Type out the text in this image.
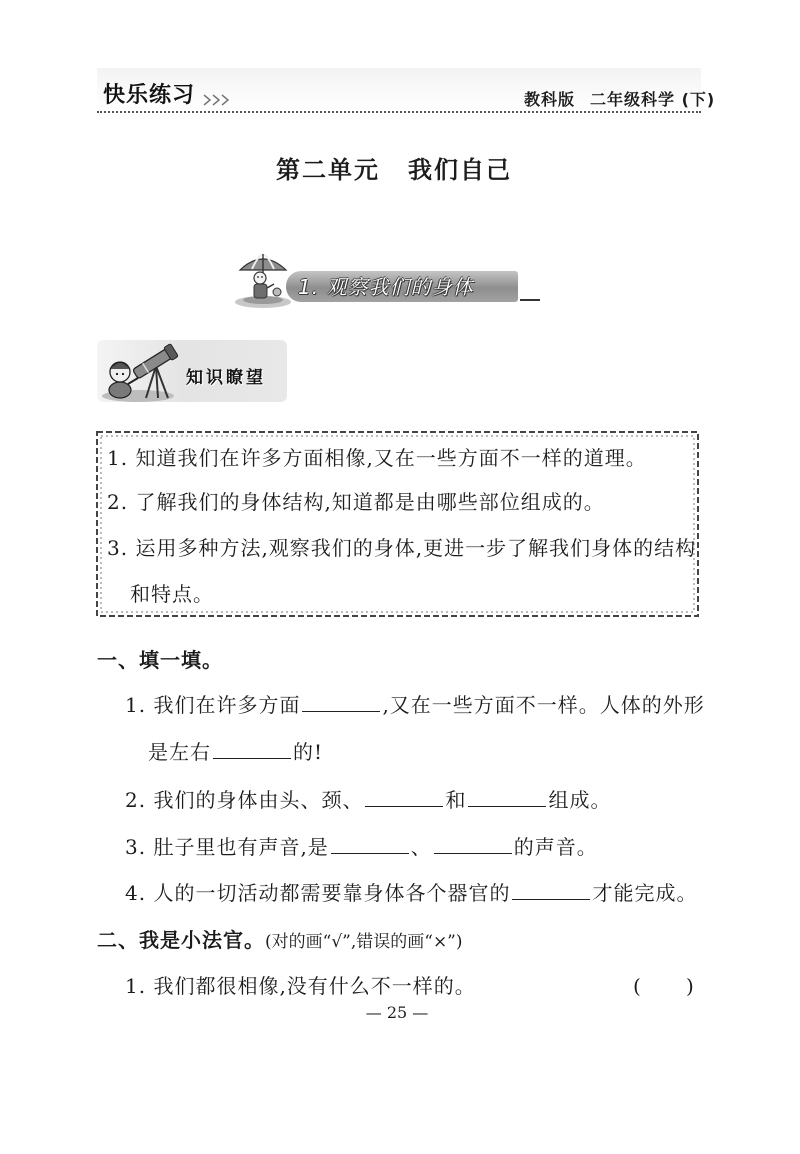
快乐练习	教科版 二年级科学 (下)
第二单元 我们自己
1. 观察我们的身体
知识瞭望
1. 知道我们在许多方面相像,又在一些方面不一样的道理。
2. 了解我们的身体结构,知道都是由哪些部位组成的。
3. 运用多种方法,观察我们的身体,更进一步了解我们身体的结构
和特点。
一、填一填。
1. 我们在许多方面	,又在一些方面不一样。人体的外形
是左右	的!
2. 我们的身体由头、颈、	和	组成。
3. 肚子里也有声音,是	、	的声音。
4. 人的一切活动都需要靠身体各个器官的	才能完成。
二、我是小法官。(对的画“√”,错误的画“×”)
1. 我们都很相像,没有什么不一样的。	(      )
— 25 —
